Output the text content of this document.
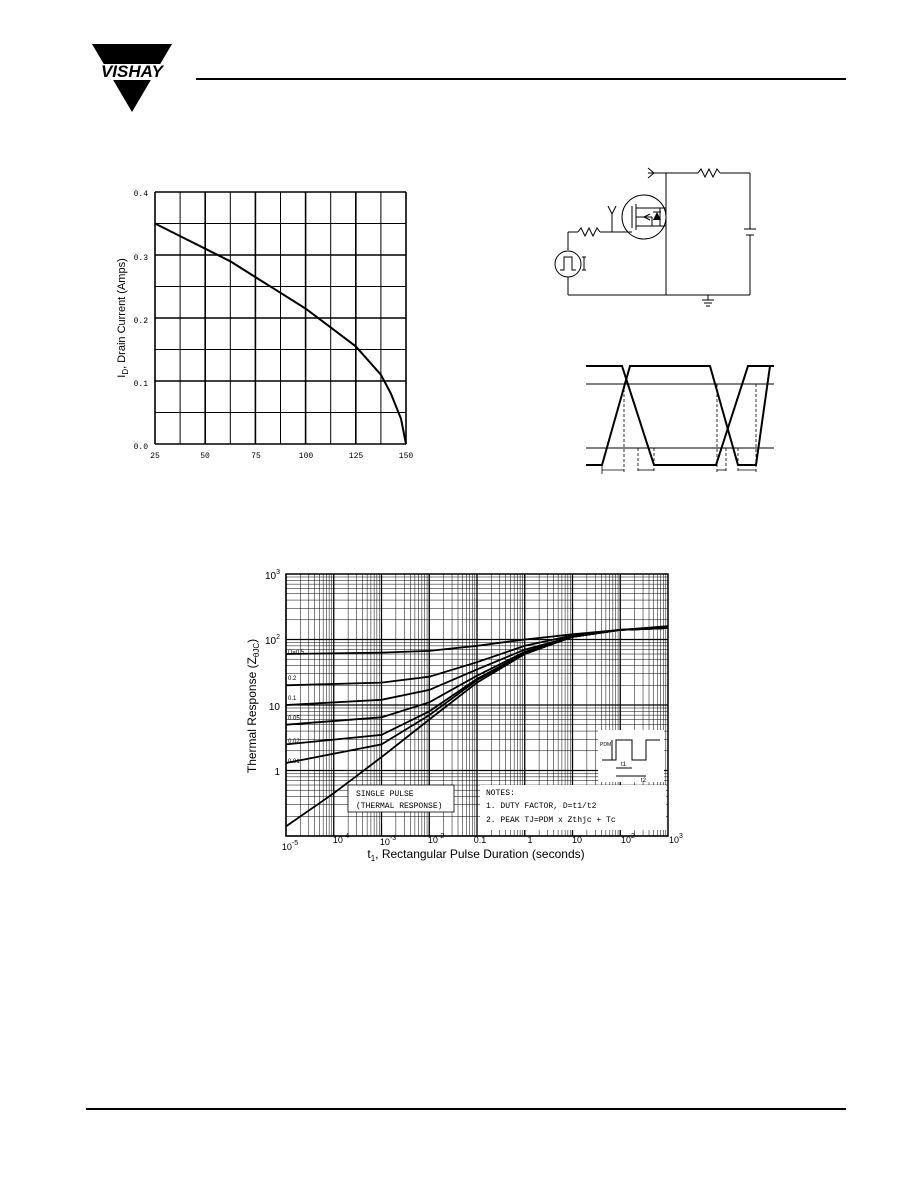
VISHAY
0.4
0.3
0.2
0.1
0.0
25	50	75	100	125	150
$I_D$, Drain Current (Amps)
$10^3$
$10^2$
10
1
$10^{-5}$	$10^{-4}$
$10^{-3}$	$10^{-2}$	0.1	1	10	$10^2$	$10^3$
Thermal Response $(Z_{\theta JC})$
$t_1$, Rectangular Pulse Duration (seconds)
D=0.5
0.2
0.1
0.05
0.02
0.01
SINGLE PULSE
(THERMAL RESPONSE)
NOTES:
1. DUTY FACTOR, D=t1/t2
2. PEAK TJ=PDM x Zthjc + Tc
PDM
t1
t2
